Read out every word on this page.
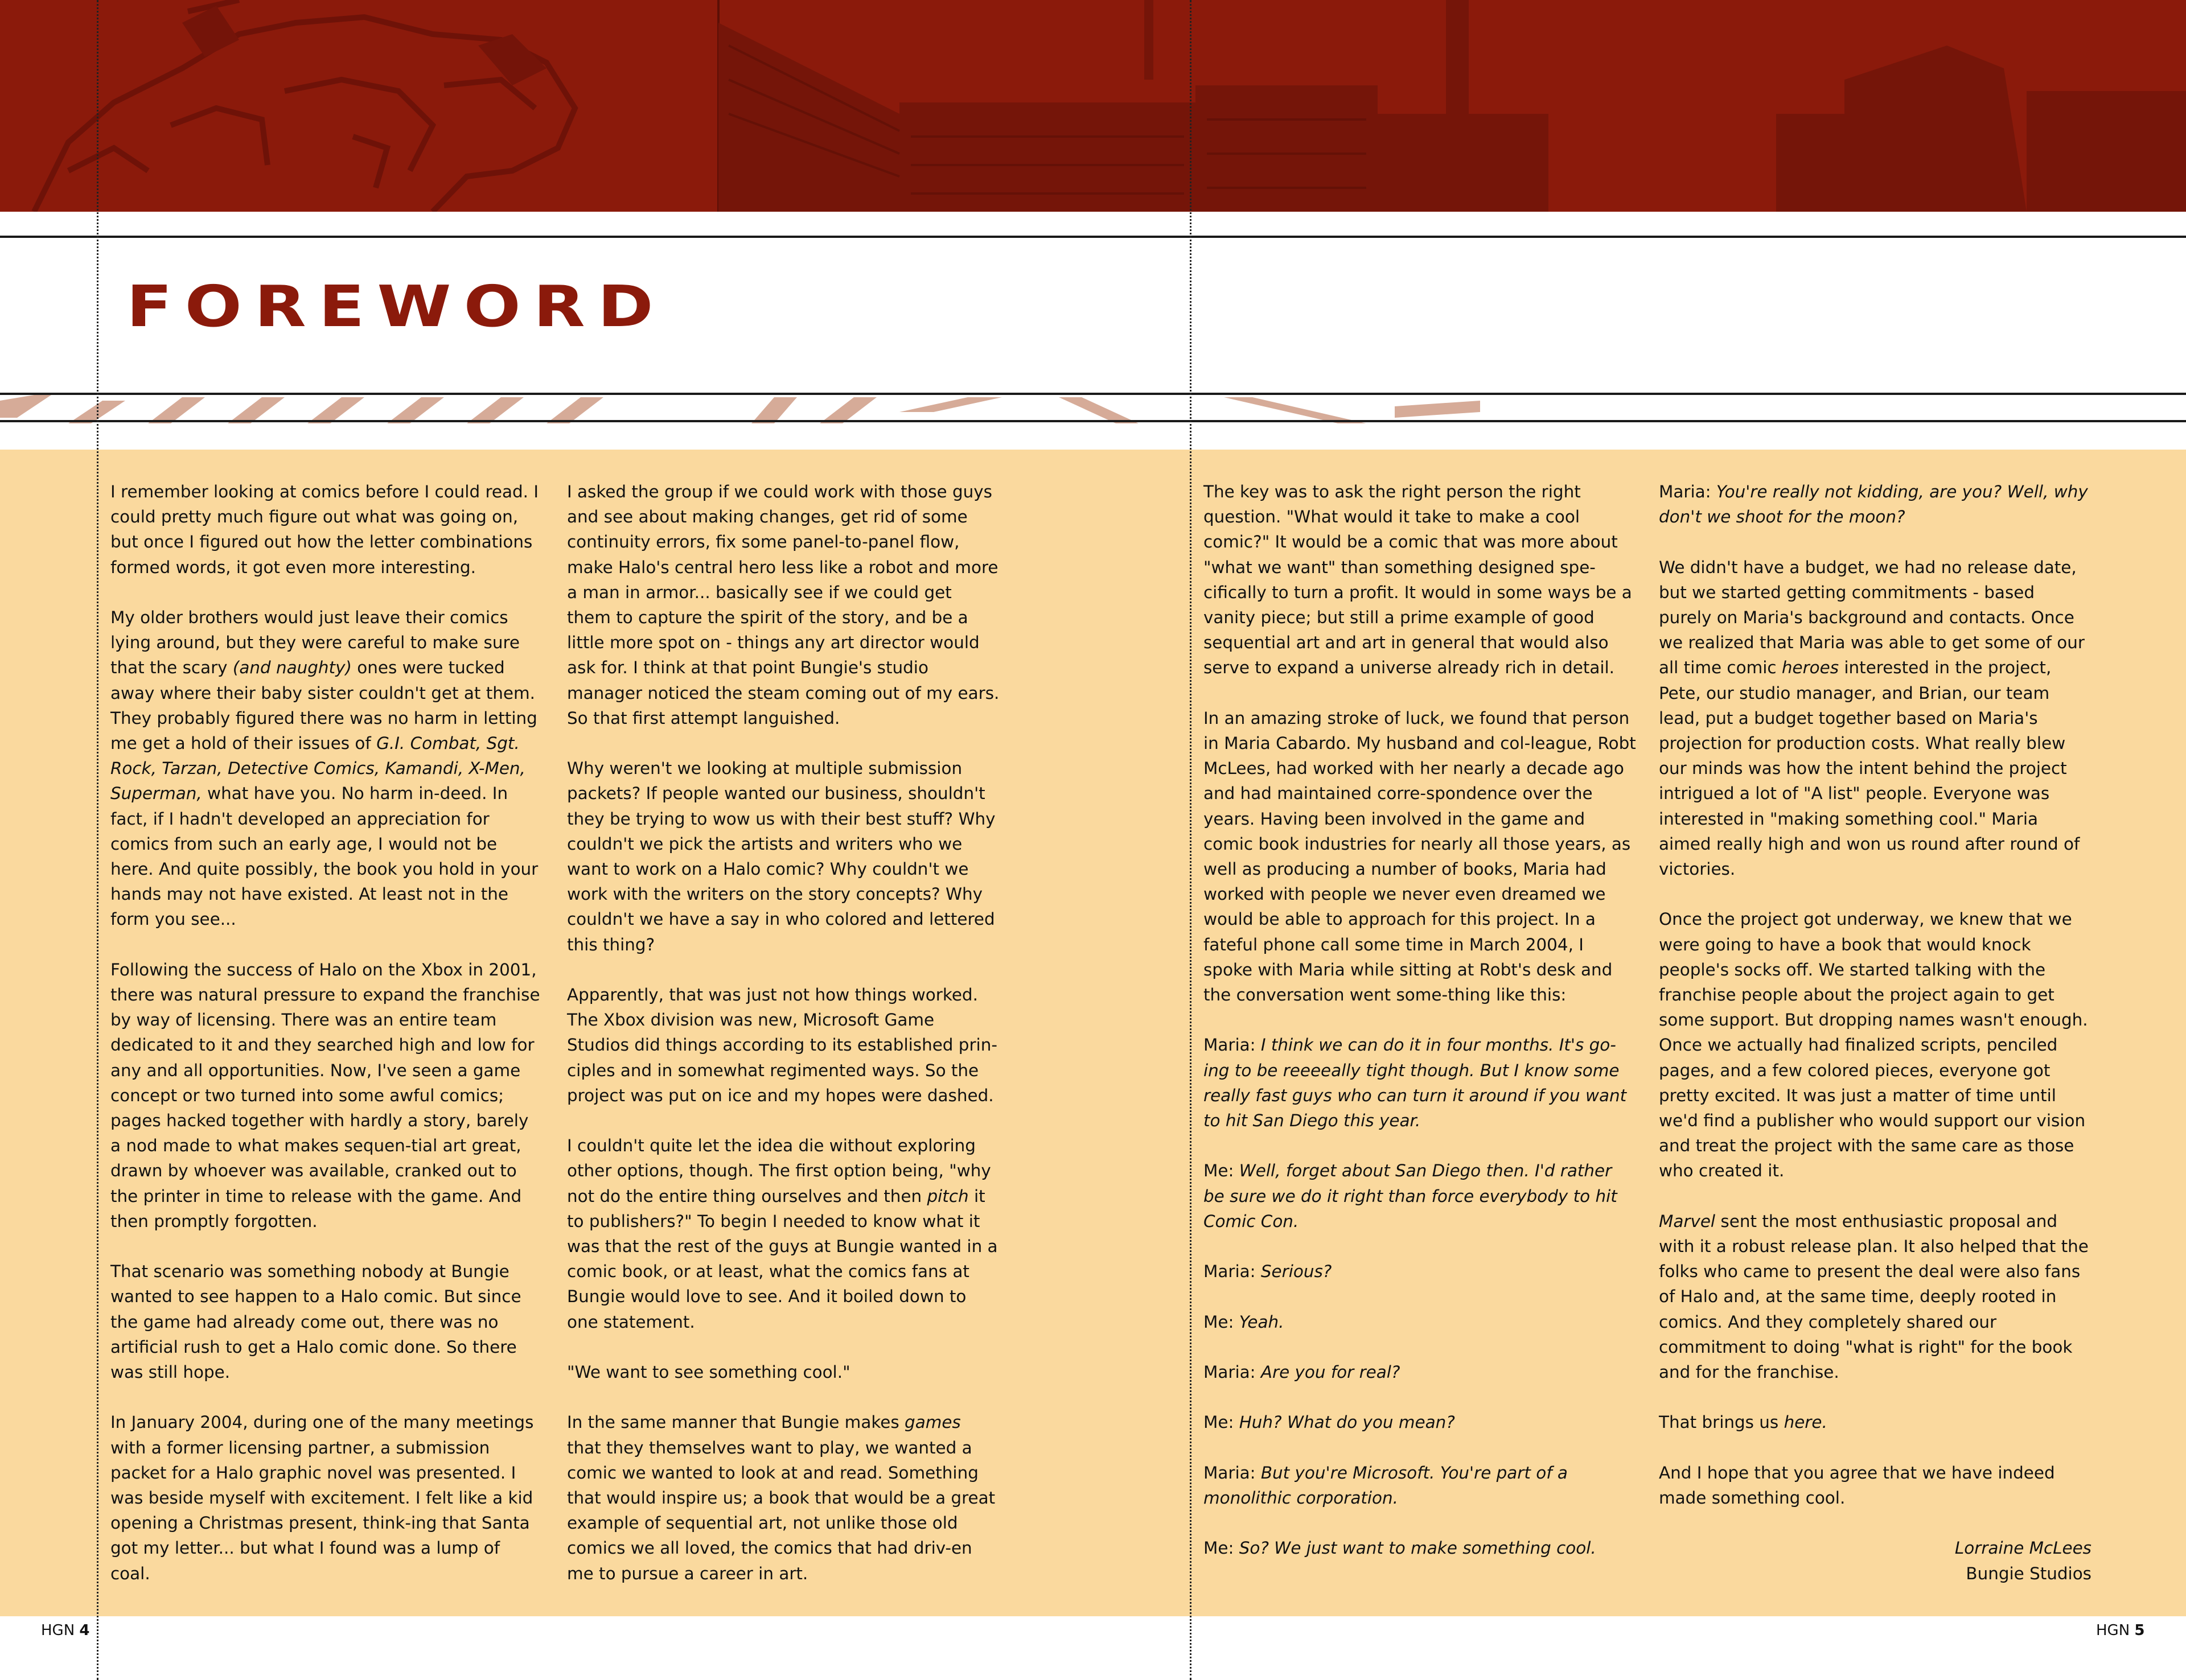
FOREWORD

I remember looking at comics before I could read. I could pretty much figure out what was going on, but once I figured out how the letter combinations formed words, it got even more interesting.

My older brothers would just leave their comics lying around, but they were careful to make sure that the scary (and naughty) ones were tucked away where their baby sister couldn't get at them. They probably figured there was no harm in letting me get a hold of their issues of G.I. Combat, Sgt. Rock, Tarzan, Detective Comics, Kamandi, X-Men, Superman, what have you. No harm in-deed. In fact, if I hadn't developed an appreciation for comics from such an early age, I would not be here. And quite possibly, the book you hold in your hands may not have existed. At least not in the form you see...

Following the success of Halo on the Xbox in 2001, there was natural pressure to expand the franchise by way of licensing. There was an entire team dedicated to it and they searched high and low for any and all opportunities. Now, I've seen a game concept or two turned into some awful comics; pages hacked together with hardly a story, barely a nod made to what makes sequen-tial art great, drawn by whoever was available, cranked out to the printer in time to release with the game. And then promptly forgotten.

That scenario was something nobody at Bungie wanted to see happen to a Halo comic. But since the game had already come out, there was no artificial rush to get a Halo comic done. So there was still hope.

In January 2004, during one of the many meetings with a former licensing partner, a submission packet for a Halo graphic novel was presented. I was beside myself with excitement. I felt like a kid opening a Christmas present, think-ing that Santa got my letter... but what I found was a lump of coal.

I asked the group if we could work with those guys and see about making changes, get rid of some continuity errors, fix some panel-to-panel flow, make Halo's central hero less like a robot and more a man in armor... basically see if we could get them to capture the spirit of the story, and be a little more spot on - things any art director would ask for. I think at that point Bungie's studio manager noticed the steam coming out of my ears. So that first attempt languished.

Why weren't we looking at multiple submission packets? If people wanted our business, shouldn't they be trying to wow us with their best stuff? Why couldn't we pick the artists and writers who we want to work on a Halo comic? Why couldn't we work with the writers on the story concepts? Why couldn't we have a say in who colored and lettered this thing?

Apparently, that was just not how things worked. The Xbox division was new, Microsoft Game Studios did things according to its established prin-ciples and in somewhat regimented ways. So the project was put on ice and my hopes were dashed.

I couldn't quite let the idea die without exploring other options, though. The first option being, "why not do the entire thing ourselves and then pitch it to publishers?" To begin I needed to know what it was that the rest of the guys at Bungie wanted in a comic book, or at least, what the comics fans at Bungie would love to see. And it boiled down to one statement.

"We want to see something cool."

In the same manner that Bungie makes games that they themselves want to play, we wanted a comic we wanted to look at and read. Something that would inspire us; a book that would be a great example of sequential art, not unlike those old comics we all loved, the comics that had driv-en me to pursue a career in art.

The key was to ask the right person the right question. "What would it take to make a cool comic?" It would be a comic that was more about "what we want" than something designed spe-cifically to turn a profit. It would in some ways be a vanity piece; but still a prime example of good sequential art and art in general that would also serve to expand a universe already rich in detail.

In an amazing stroke of luck, we found that person in Maria Cabardo. My husband and col-league, Robt McLees, had worked with her nearly a decade ago and had maintained corre-spondence over the years. Having been involved in the game and comic book industries for nearly all those years, as well as producing a number of books, Maria had worked with people we never even dreamed we would be able to approach for this project. In a fateful phone call some time in March 2004, I spoke with Maria while sitting at Robt's desk and the conversation went some-thing like this:

Maria: I think we can do it in four months. It's go-ing to be reeeeally tight though. But I know some really fast guys who can turn it around if you want to hit San Diego this year.

Me: Well, forget about San Diego then. I'd rather be sure we do it right than force everybody to hit Comic Con.

Maria: Serious?

Me: Yeah.

Maria: Are you for real?

Me: Huh? What do you mean?

Maria: But you're Microsoft. You're part of a monolithic corporation.

Me: So? We just want to make something cool.

Maria: You're really not kidding, are you? Well, why don't we shoot for the moon?

We didn't have a budget, we had no release date, but we started getting commitments - based purely on Maria's background and contacts. Once we realized that Maria was able to get some of our all time comic heroes interested in the project, Pete, our studio manager, and Brian, our team lead, put a budget together based on Maria's projection for production costs. What really blew our minds was how the intent behind the project intrigued a lot of "A list" people. Everyone was interested in "making something cool." Maria aimed really high and won us round after round of victories.

Once the project got underway, we knew that we were going to have a book that would knock people's socks off. We started talking with the franchise people about the project again to get some support. But dropping names wasn't enough. Once we actually had finalized scripts, penciled pages, and a few colored pieces, everyone got pretty excited. It was just a matter of time until we'd find a publisher who would support our vision and treat the project with the same care as those who created it.

Marvel sent the most enthusiastic proposal and with it a robust release plan. It also helped that the folks who came to present the deal were also fans of Halo and, at the same time, deeply rooted in comics. And they completely shared our commitment to doing "what is right" for the book and for the franchise.

That brings us here.

And I hope that you agree that we have indeed made something cool.

Lorraine McLees

Bungie Studios

HGN 4	HGN 5
